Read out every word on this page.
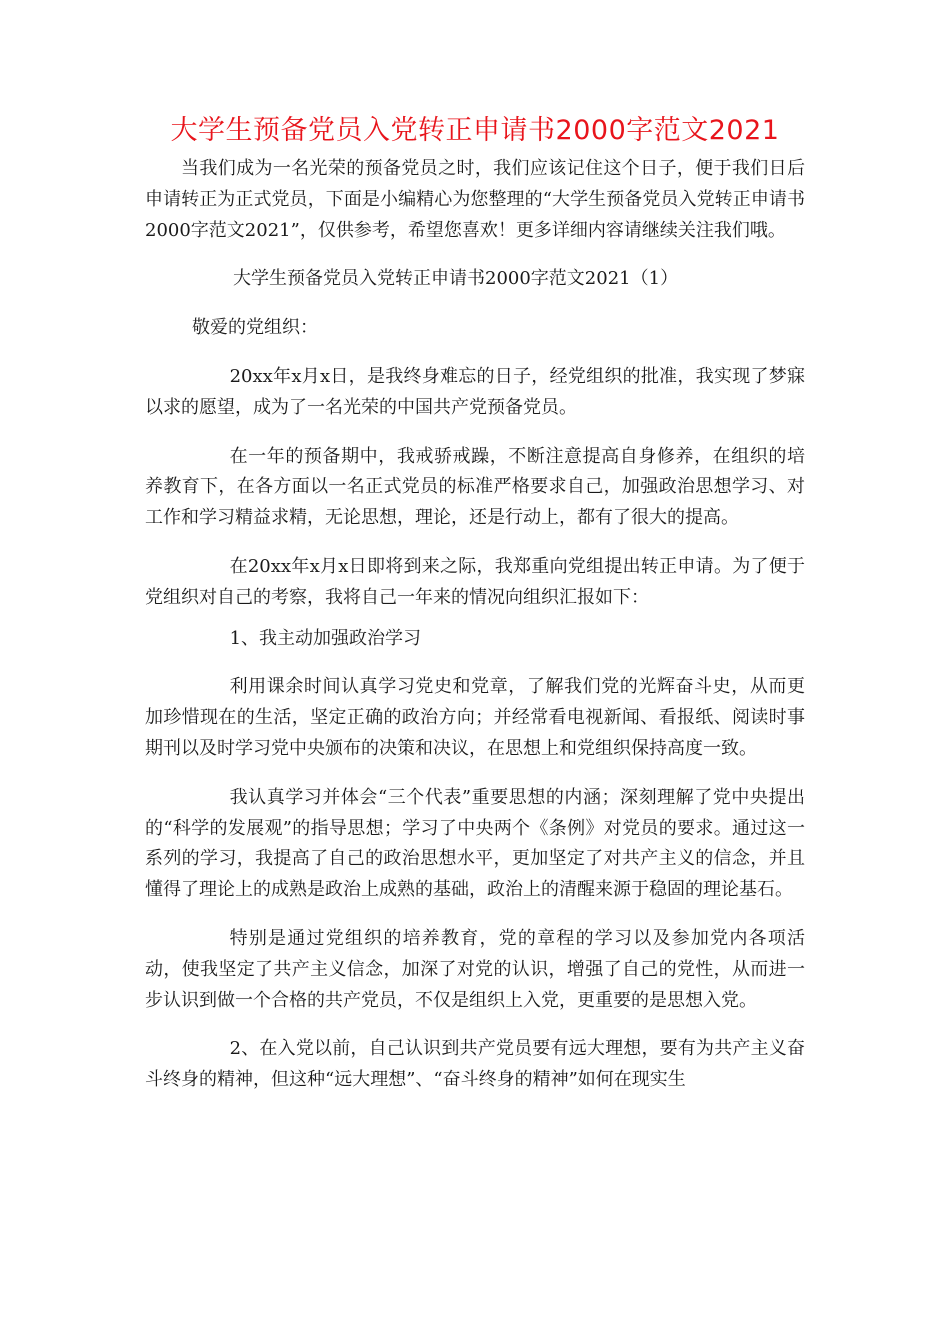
大学生预备党员入党转正申请书2000字范文2021

当我们成为一名光荣的预备党员之时，我们应该记住这个日子，便于我们日后申请转正为正式党员，下面是小编精心为您整理的“大学生预备党员入党转正申请书2000字范文2021”，仅供参考，希望您喜欢！更多详细内容请继续关注我们哦。

大学生预备党员入党转正申请书2000字范文2021（1）

敬爱的党组织：

20xx年x月x日，是我终身难忘的日子，经党组织的批准，我实现了梦寐以求的愿望，成为了一名光荣的中国共产党预备党员。

在一年的预备期中，我戒骄戒躁，不断注意提高自身修养，在组织的培养教育下，在各方面以一名正式党员的标准严格要求自己，加强政治思想学习、对工作和学习精益求精，无论思想，理论，还是行动上，都有了很大的提高。

在20xx年x月x日即将到来之际，我郑重向党组提出转正申请。为了便于党组织对自己的考察，我将自己一年来的情况向组织汇报如下：

1、我主动加强政治学习

利用课余时间认真学习党史和党章，了解我们党的光辉奋斗史，从而更加珍惜现在的生活，坚定正确的政治方向；并经常看电视新闻、看报纸、阅读时事期刊以及时学习党中央颁布的决策和决议，在思想上和党组织保持高度一致。

我认真学习并体会“三个代表”重要思想的内涵；深刻理解了党中央提出的“科学的发展观”的指导思想；学习了中央两个《条例》对党员的要求。通过这一系列的学习，我提高了自己的政治思想水平，更加坚定了对共产主义的信念，并且懂得了理论上的成熟是政治上成熟的基础，政治上的清醒来源于稳固的理论基石。

特别是通过党组织的培养教育，党的章程的学习以及参加党内各项活动，使我坚定了共产主义信念，加深了对党的认识，增强了自己的党性，从而进一步认识到做一个合格的共产党员，不仅是组织上入党，更重要的是思想入党。

2、在入党以前，自己认识到共产党员要有远大理想，要有为共产主义奋斗终身的精神，但这种“远大理想”、“奋斗终身的精神”如何在现实生
